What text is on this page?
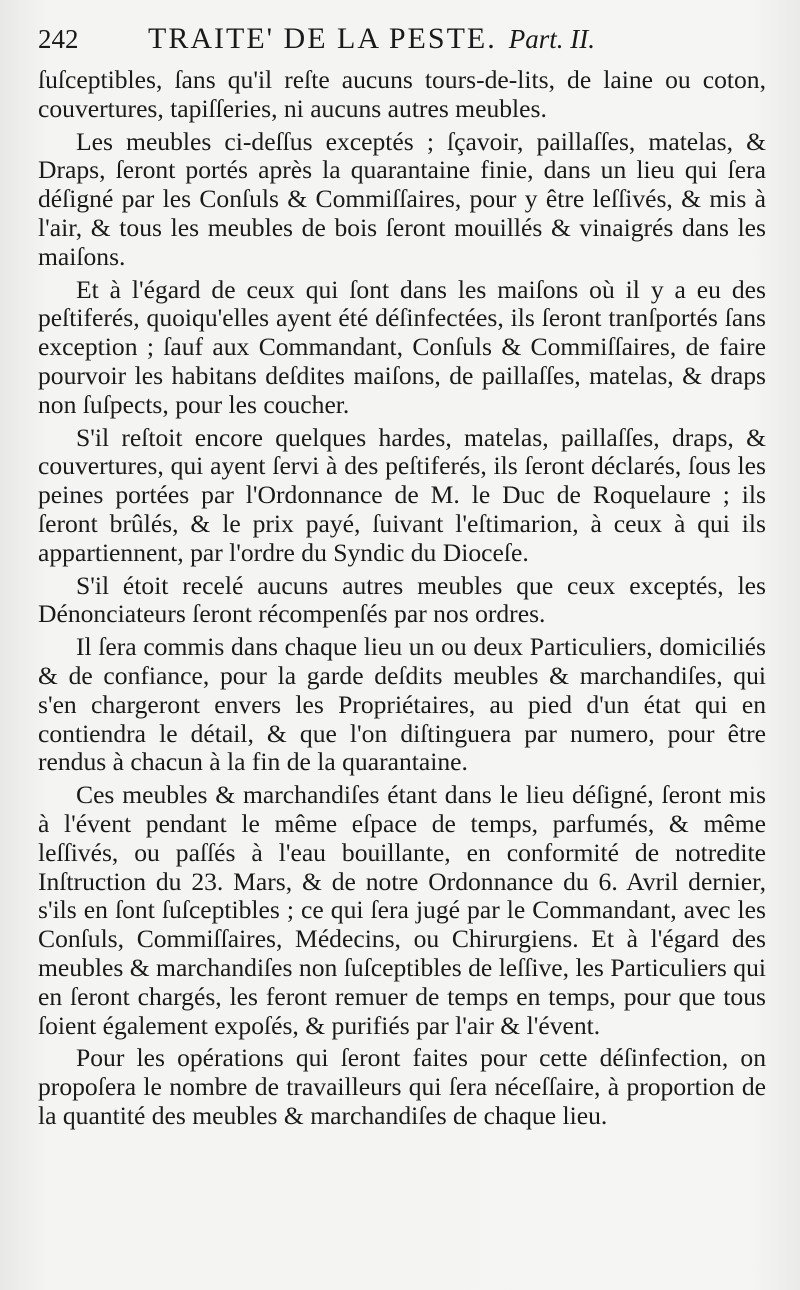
242	TRAITE' DE LA PESTE. Part. II.

ſuſceptibles, ſans qu'il reſte aucuns tours-de-lits, de laine ou coton, couvertures, tapiſſeries, ni aucuns autres meubles.

Les meubles ci-deſſus exceptés ; ſçavoir, paillaſſes, matelas, & Draps, ſeront portés après la quarantaine finie, dans un lieu qui ſera déſigné par les Conſuls & Commiſſaires, pour y être leſſivés, & mis à l'air, & tous les meubles de bois ſeront mouillés & vinaigrés dans les maiſons.

Et à l'égard de ceux qui ſont dans les maiſons où il y a eu des peſtiferés, quoiqu'elles ayent été déſinfectées, ils ſeront tranſportés ſans exception ; ſauf aux Commandant, Conſuls & Commiſſaires, de faire pourvoir les habitans deſdites maiſons, de paillaſſes, matelas, & draps non ſuſpects, pour les coucher.

S'il reſtoit encore quelques hardes, matelas, paillaſſes, draps, & couvertures, qui ayent ſervi à des peſtiferés, ils ſeront déclarés, ſous les peines portées par l'Ordonnance de M. le Duc de Roquelaure ; ils ſeront brûlés, & le prix payé, ſuivant l'eſtimarion, à ceux à qui ils appartiennent, par l'ordre du Syndic du Dioceſe.

S'il étoit recelé aucuns autres meubles que ceux exceptés, les Dénonciateurs ſeront récompenſés par nos ordres.

Il ſera commis dans chaque lieu un ou deux Particuliers, domiciliés & de confiance, pour la garde deſdits meubles & marchandiſes, qui s'en chargeront envers les Propriétaires, au pied d'un état qui en contiendra le détail, & que l'on diſtinguera par numero, pour être rendus à chacun à la fin de la quarantaine.

Ces meubles & marchandiſes étant dans le lieu déſigné, ſeront mis à l'évent pendant le même eſpace de temps, parfumés, & même leſſivés, ou paſſés à l'eau bouillante, en conformité de notredite Inſtruction du 23. Mars, & de notre Ordonnance du 6. Avril dernier, s'ils en ſont ſuſceptibles ; ce qui ſera jugé par le Commandant, avec les Conſuls, Commiſſaires, Médecins, ou Chirurgiens. Et à l'égard des meubles & marchandiſes non ſuſceptibles de leſſive, les Particuliers qui en ſeront chargés, les feront remuer de temps en temps, pour que tous ſoient également expoſés, & purifiés par l'air & l'évent.

Pour les opérations qui ſeront faites pour cette déſinfection, on propoſera le nombre de travailleurs qui ſera néceſſaire, à proportion de la quantité des meubles & marchandiſes de chaque lieu.
